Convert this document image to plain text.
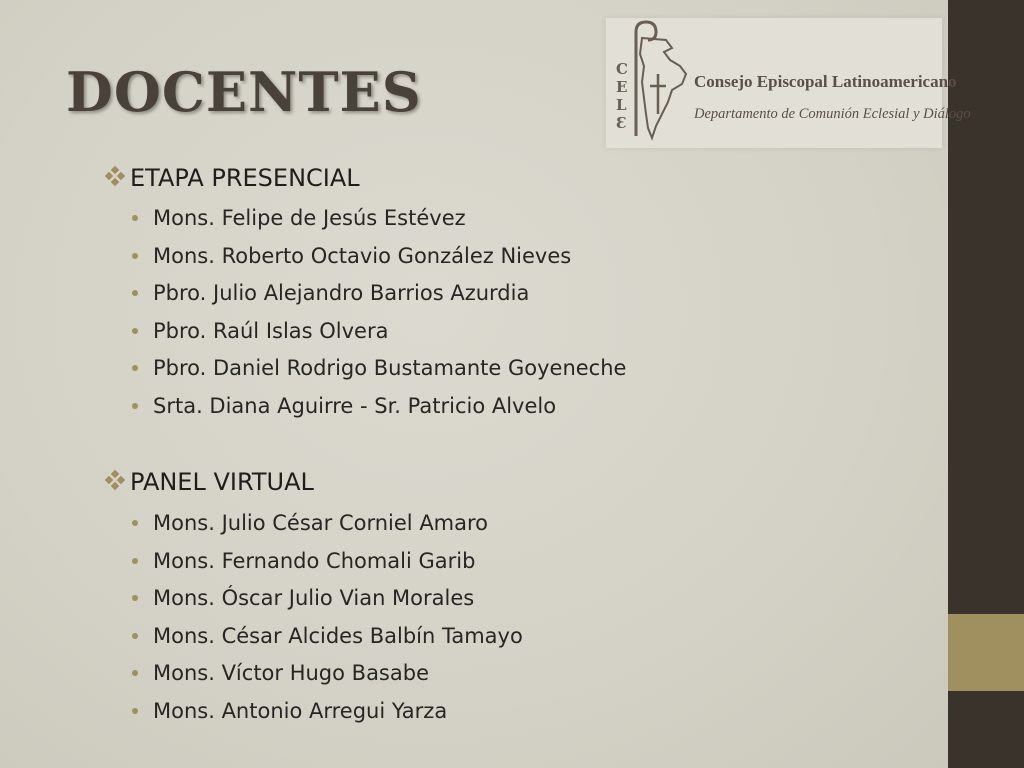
DOCENTES	C
E
L
Ɛ
Consejo Episcopal Latinoamericano
Departamento de Comunión Eclesial y Diálogo
ETAPA PRESENCIAL
Mons. Felipe de Jesús Estévez
Mons. Roberto Octavio González Nieves
Pbro. Julio Alejandro Barrios Azurdia
Pbro. Raúl Islas Olvera
Pbro. Daniel Rodrigo Bustamante Goyeneche
Srta. Diana Aguirre - Sr. Patricio Alvelo
PANEL VIRTUAL
Mons. Julio César Corniel Amaro
Mons. Fernando Chomali Garib
Mons. Óscar Julio Vian Morales
Mons. César Alcides Balbín Tamayo
Mons. Víctor Hugo Basabe
Mons. Antonio Arregui Yarza
